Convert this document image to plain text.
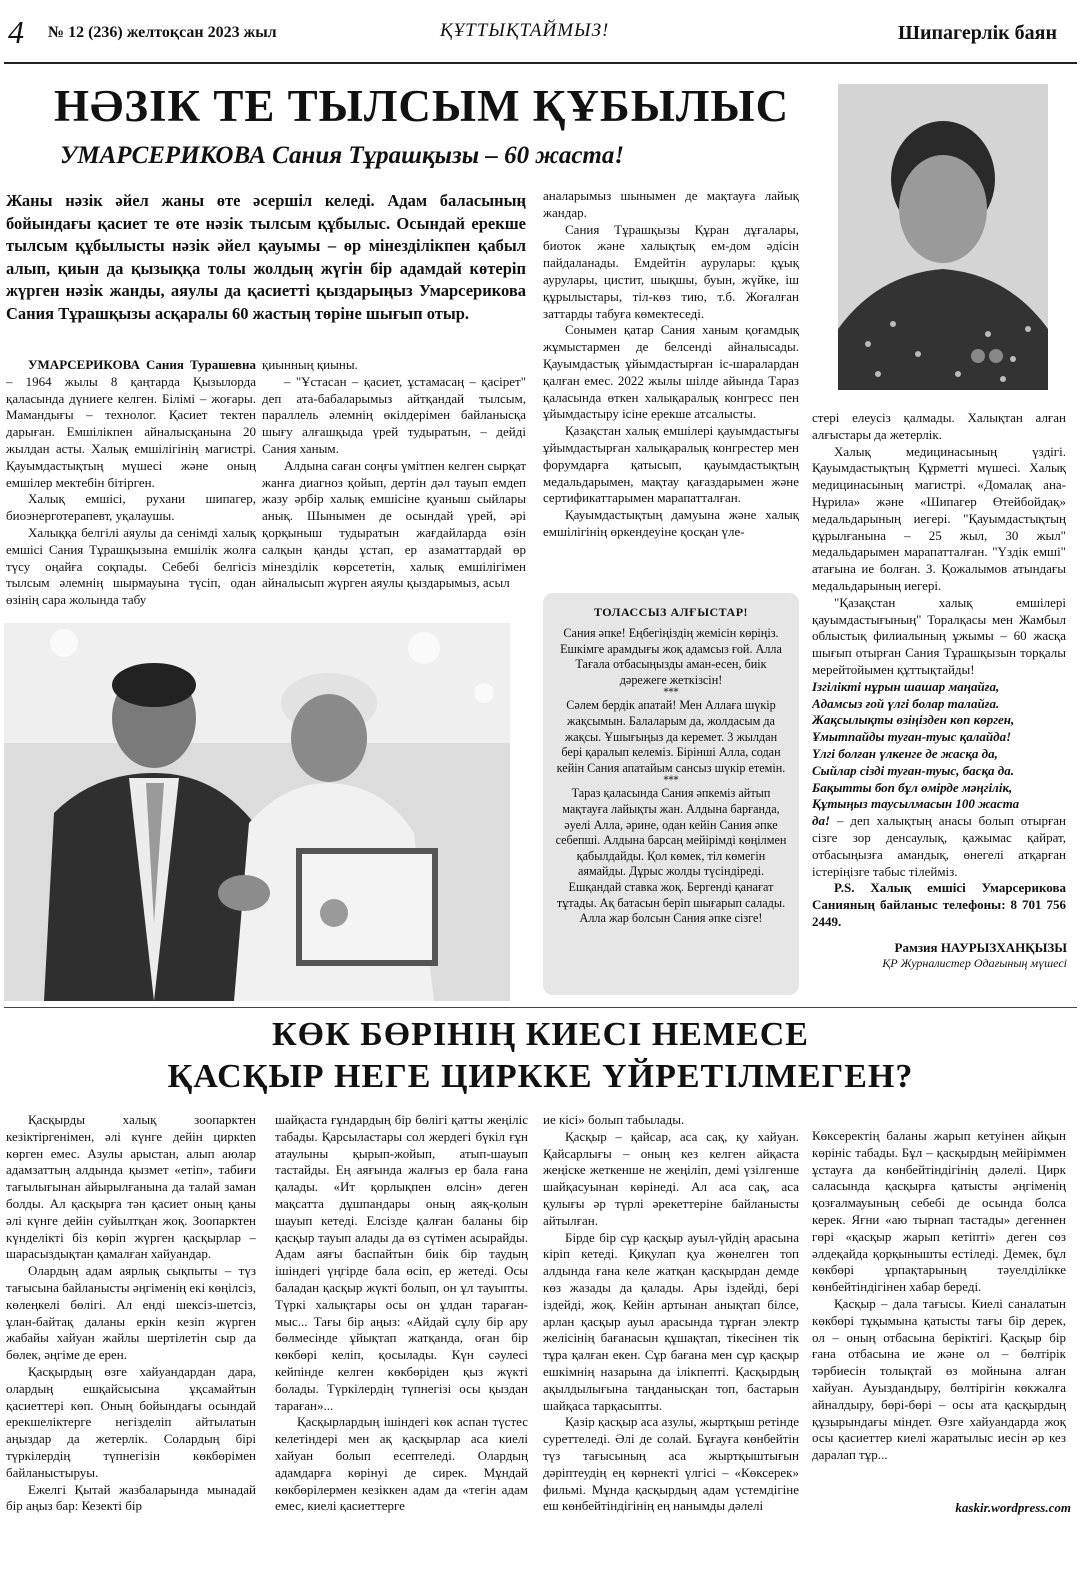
4 № 12 (236) желтоқсан 2023 жыл	ҚҰТТЫҚТАЙМЫЗ!	Шипагерлік баян
НӘЗІК ТЕ ТЫЛСЫМ ҚҰБЫЛЫС
УМАРСЕРИКОВА Сания Тұрашқызы – 60 жаста!
Жаны нәзік әйел жаны өте әсершіл келеді. Адам баласының бойындағы қасиет те өте нәзік тылсым құбылыс. Осындай ерекше тылсым құбылысты нәзік әйел қауымы – өр мінезділікпен қабыл алып, қиын да қызыққа толы жолдың жүгін бір адамдай көтеріп жүрген нәзік жанды, аяулы да қасиетті қыздарыңыз Умарсерикова Сания Тұрашқызы асқаралы 60 жастың төріне шығып отыр.

УМАРСЕРИКОВА Сания Турашевна – 1964 жылы 8 қаңтарда Қызылорда қаласында дүниеге келген. Білімі – жоғары. Мамандығы – технолог. Қасиет тектен дарыған. Емшілікпен айналысқанына 20 жылдан асты. Халық емшілігінің магистрі. Қауымдастықтың мүшесі және оның емшілер мектебін бітірген.

Халық емшісі, рухани шипагер, биоэнерготерапевт, уқалаушы.

Халыққа белгілі аяулы да сенімді халық емшісі Сания Тұрашқызына емшілік жолға түсу оңайға соқпады. Себебі белгісіз тылсым әлемнің шырмауына түсіп, одан өзінің сара жолында табу

қиынның қиыны.

– "Ұстасан – қасиет, ұстамасаң – қасірет" деп ата-бабаларымыз айтқандай тылсым, параллель әлемнің өкілдерімен байланысқа шығу алғашқыда үрей тудыратын, – дейді Сания ханым.

Алдына саған соңғы үмітпен келген сырқат жанға диагноз қойып, дертін дәл тауып емдеп жазу әрбір халық емшісіне қуаныш сыйлары анық. Шынымен де осындай үрей, әрі қорқыныш тудыратын жағдайларда өзін салқын қанды ұстап, ер азаматтардай өр мінезділік көрсететін, халық емшілігімен айналысып жүрген аяулы қыздарымыз, асыл

аналарымыз шынымен де мақтауға лайық жандар.

Сания Тұрашқызы Құран дұғалары, биоток және халықтық ем-дом әдісін пайдаланады. Емдейтін аурулары: құық аурулары, цистит, шықшы, буын, жүйке, іш құрылыстары, тіл-көз тию, т.б. Жоғалған заттарды табуға көмектеседі.

Сонымен қатар Сания ханым қоғамдық жұмыстармен де белсенді айналысады. Қауымдастық ұйымдастырған іс-шаралардан қалған емес. 2022 жылы шілде айында Тараз қаласында өткен халықаралық конгресс пен ұйымдастыру ісіне ерекше атсалысты.

Қазақстан халық емшілері қауымдастығы ұйымдастырған халықаралық конгрестер мен форумдарға қатысып, қауымдастықтың медальдарымен, мақтау қағаздарымен және сертификаттарымен марапатталған.

Қауымдастықтың дамуына және халық емшілігінің өркендеуіне қосқан үле-

стері елеусіз қалмады. Халықтан алған алғыстары да жетерлік.

Халық медицинасының үздігі. Қауымдастықтың Құрметті мүшесі. Халық медицинасының магистрі. «Домалақ ана-Нұрила» және «Шипагер Өтейбойдақ» медальдарының иегері. "Қауымдастықтың құрылғанына – 25 жыл, 30 жыл" медальдарымен марапатталған. "Үздік емші" атағына ие болған. З. Қожалымов атындағы медальдарының иегері.

"Қазақстан халық емшілері қауымдастығының" Торалқасы мен Жамбыл облыстық филиалының ұжымы – 60 жасқа шығып отырған Сания Тұрашқызын торқалы мерейтойымен құттықтайды!

Ізгілікті нұрын шашар маңайға,

Адамсыз ғой үлгі болар талайға.

Жақсылықты өзіңізден көп көрген,

Ұмытпайды туған-туыс қалайда!

Үлгі болған үлкенге де жасқа да,

Сыйлар сізді туған-туыс, басқа да.

Бақытты боп бұл өмірде мәңгілік,

Құтыңыз таусылмасын 100 жаста

да! – деп халықтың анасы болып отырған сізге зор денсаулық, қажымас қайрат, отбасыңызға амандық, өнегелі атқарған істеріңізге табыс тілейміз.

P.S. Халық емшісі Умарсерикова Санияның байланыс телефоны: 8 701 756 2449.

Рамзия НАУРЫЗХАНҚЫЗЫ
ҚР Журналистер Одағының мүшесі
ТОЛАССЫЗ АЛҒЫСТАР!

Сания әпке! Еңбегіңіздің жемісін көріңіз. Ешкімге арамдығы жоқ адамсыз ғой. Алла Тағала отбасыңызды аман-есен, биік дәрежеге жеткізсін!

***

Сәлем бердік апатай! Мен Аллаға шүкір жақсымын. Балаларым да, жолдасым да жақсы. Ұшығыңыз да керемет. 3 жылдан бері қаралып келеміз. Бірінші Алла, содан кейін Сания апатайым сансыз шүкір етемін.

***

Тараз қаласында Сания әпкеміз айтып мақтауға лайықты жан. Алдына барғанда, әуелі Алла, әрине, одан кейін Сания әпке себепші. Алдына барсаң мейірімді көңілмен қабылдайды. Қол көмек, тіл көмегін аямайды. Дұрыс жолды түсіндіреді. Ешқандай ставка жоқ. Бергенді қанағат тұтады. Ақ батасын беріп шығарып салады. Алла жар болсын Сания әпке сізге!

КӨК БӨРІНІҢ КИЕСІ НЕМЕСЕ
ҚАСҚЫР НЕГЕ ЦИРККЕ ҮЙРЕТІЛМЕГЕН?

Қасқырды халық зоопарктен кезіктіргенімен, әлі күнге дейін циркten көрген емес. Азулы арыстан, алып аюлар адамзаттың алдында қызмет «етіп», табиғи тағылығынан айырылғанына да талай заман болды. Ал қасқырға тән қасиет оның қаны әлі күнге дейін суйылтқан жоқ. Зоопарктен күнделікті біз көріп жүрген қасқырлар – шарасыздықтан қамалған хайуандар.

Олардың адам аярлық сықпыты – түз тағысына байланысты әңгіменің екі көңілсіз, көлеңкелі бөлігі. Ал енді шексіз-шетсіз, ұлан-байтақ даланы еркін кезіп жүрген жабайы хайуан жайлы шертілетін сыр да бөлек, әңгіме де ерен.

Қасқырдың өзге хайуандардан дара, олардың ешқайсысына ұқсамайтын қасиеттері көп. Оның бойындағы осындай ерекшеліктерге негізделіп айтылатын аңыздар да жетерлік. Солардың бірі түркілердің түпнегізін көкбөрімен байланыстыруы.

Ежелгі Қытай жазбаларында мынадай бір аңыз бар: Кезекті бір

шайқаста ғұндардың бір бөлігі қатты жеңіліс табады. Қарсыластары сол жердегі бүкіл ғұн атаулыны қырып-жойып, атып-шауып тастайды. Ең аяғында жалғыз ер бала ғана қалады. «Ит қорлықпен өлсін» деген мақсатта дұшпандары оның аяқ-қолын шауып кетеді. Елсізде қалған баланы бір қасқыр тауып алады да өз сүтімен асырайды. Адам аяғы баспайтын биік бір таудың ішіндегі үңгірде бала өсіп, ер жетеді. Осы баладан қасқыр жүкті болып, он ұл тауыпты. Түркі халықтары осы он ұлдан тараған-мыс... Тағы бір аңыз: «Айдай сұлу бір ару бөлмесінде ұйықтап жатқанда, оған бір көкбөрі келіп, қосылады. Күн сәулесі кейпінде келген көкбөріден қыз жүкті болады. Түркілердің түпнегізі осы қыздан тараған»...

Қасқырлардың ішіндегі көк аспан түстес келетіндері мен ақ қасқырлар аса киелі хайуан болып есептеледі. Олардың адамдарға көрінуі де сирек. Мұндай көкбөрілермен кезіккен адам да «тегін адам емес, киелі қасиеттерге

ие кісі» болып табылады.

Қасқыр – қайсар, аса сақ, қу хайуан. Қайсарлығы – оның кез келген айқаста жеңіске жеткенше не жеңіліп, демі үзілгенше шайқасуынан көрінеді. Ал аса сақ, аса қулығы әр түрлі әрекеттеріне байланысты айтылған.

Бірде бір сұр қасқыр ауыл-үйдің арасына кіріп кетеді. Қиқулап қуа жөнелген топ алдында ғана келе жатқан қасқырдан демде көз жазады да қалады. Ары іздейді, бері іздейді, жоқ. Кейін артынан анықтап білсе, арлан қасқыр ауыл арасында тұрған электр желісінің бағанасын құшақтап, тікесінен тік тұра қалған екен. Сұр бағана мен сұр қасқыр ешкімнің назарына да ілікпепті. Қасқырдың ақылдылығына таңданысқан топ, бастарын шайқаса тарқасыпты.

Қазір қасқыр аса азулы, жыртқыш ретінде суреттеледі. Әлі де солай. Бұғауға көнбейтін түз тағысының аса жыртқыштығын дәріптеудің ең көрнекті үлгісі – «Көксерек» фильмі. Мұнда қасқырдың адам үстемдігіне еш көнбейтіндігінің ең нанымды дәлелі

Көксеректің баланы жарып кетуінен айқын көрініс табады. Бұл – қасқырдың мейіріммен ұстауға да көнбейтіндігінің дәлелі. Цирк саласында қасқырға қатысты әңгіменің қозғалмауының себебі де осында болса керек. Яғни «аю тырнап тастады» дегеннен гөрі «қасқыр жарып кетіпті» деген сөз әлдеқайда қорқынышты естіледі. Демек, бұл көкбөрі ұрпақтарының тәуелділікке көнбейтіндігінен хабар береді.

Қасқыр – дала тағысы. Киелі саналатын көкбөрі тұқымына қатысты тағы бір дерек, ол – оның отбасына беріктігі. Қасқыр бір ғана отбасына ие және ол – бөлтірік тәрбиесін толықтай өз мойнына алған хайуан. Ауыздандыру, бөлтірігін көкжалға айналдыру, бөрі-бөрі – осы ата қасқырдың құзырындағы міндет. Өзге хайуандарда жоқ осы қасиеттер киелі жаратылыс иесін әр кез даралап тұр...

kaskir.wordpress.com
